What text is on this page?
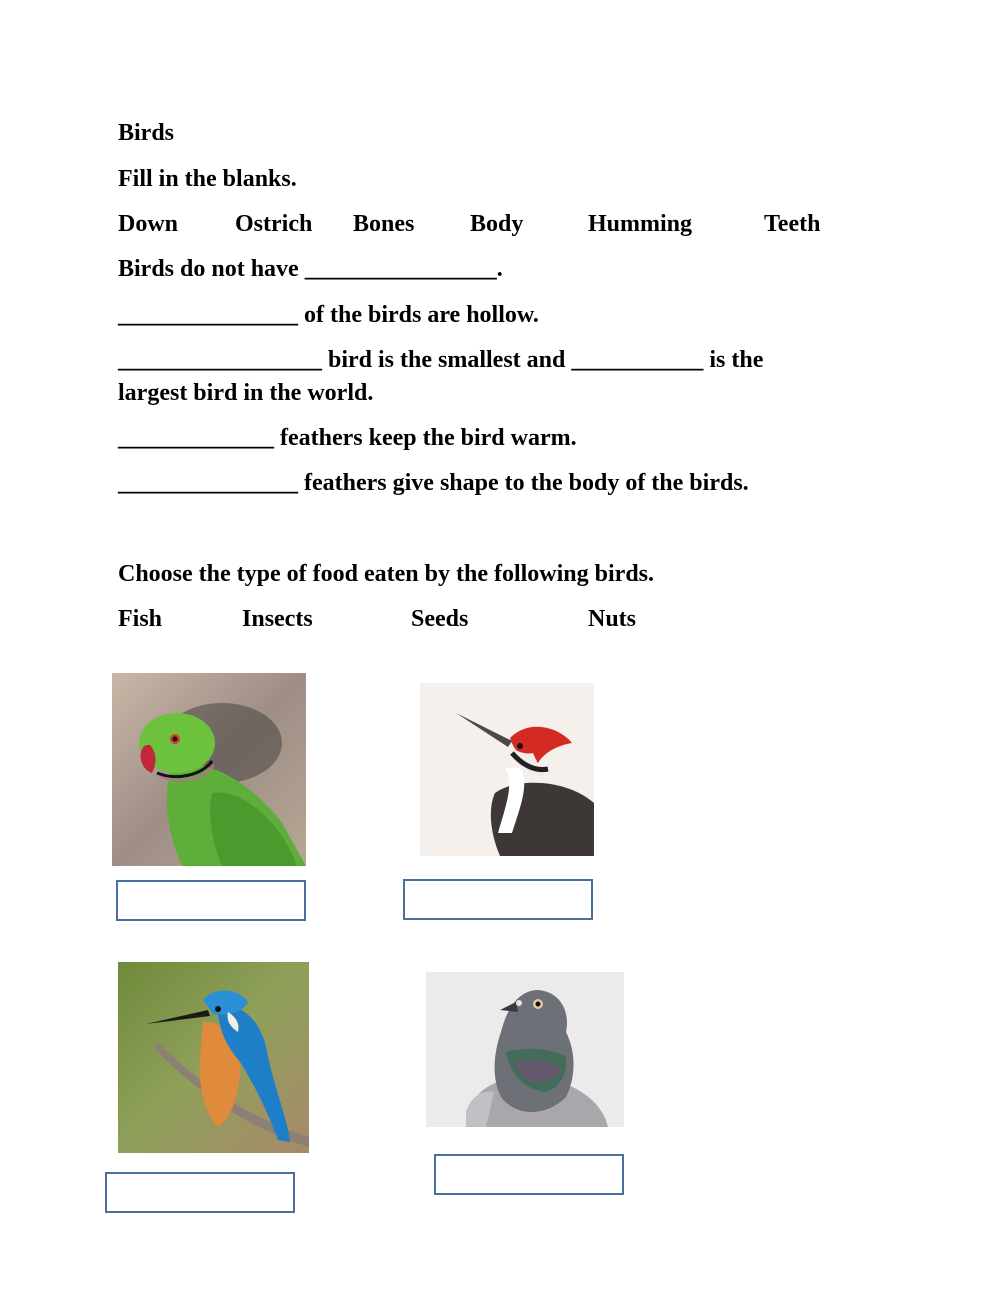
Birds
Fill in the blanks.
Down Ostrich Bones Body	Humming	Teeth
Birds do not have ________________.
_______________ of the birds are hollow.
_________________ bird is the smallest and ___________ is the
largest bird in the world.
_____________ feathers keep the bird warm.
_______________ feathers give shape to the body of the birds.
Choose the type of food eaten by the following birds.
Fish	Insects	Seeds	Nuts
